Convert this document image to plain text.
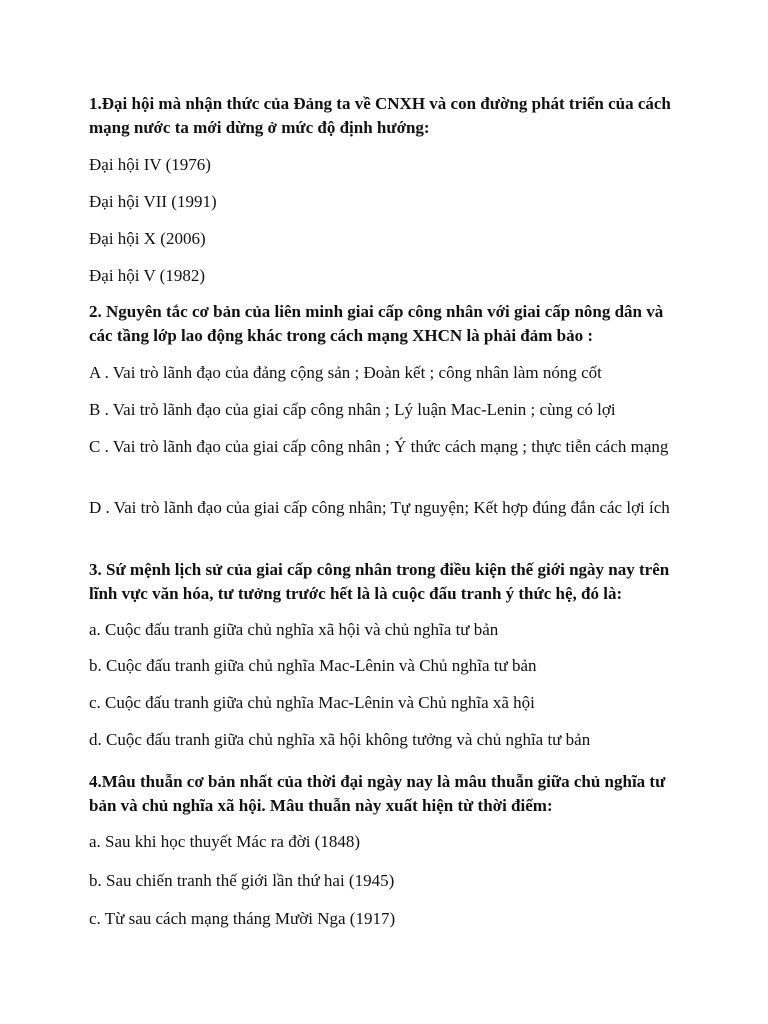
1.Đại hội mà nhận thức của Đảng ta về CNXH và con đường phát triển của cách mạng nước ta mới dừng ở mức độ định hướng:

Đại hội IV (1976)

Đại hội VII (1991)

Đại hội X (2006)

Đại hội V (1982)

2. Nguyên tắc cơ bản của liên minh giai cấp công nhân với giai cấp nông dân và các tầng lớp lao động khác trong cách mạng XHCN là phải đảm bảo :

A . Vai trò lãnh đạo của đảng cộng sản ; Đoàn kết ; công nhân làm nóng cốt

B . Vai trò lãnh đạo của giai cấp công nhân ; Lý luận Mac-Lenin ; cùng có lợi

C . Vai trò lãnh đạo của giai cấp công nhân ; Ý thức cách mạng ; thực tiễn cách mạng

D . Vai trò lãnh đạo của giai cấp công nhân; Tự nguyện; Kết hợp đúng đắn các lợi ích

3. Sứ mệnh lịch sử của giai cấp công nhân trong điều kiện thế giới ngày nay trên lĩnh vực văn hóa, tư tưởng trước hết là là cuộc đấu tranh ý thức hệ, đó là:

a. Cuộc đấu tranh giữa chủ nghĩa xã hội và chủ nghĩa tư bản

b. Cuộc đấu tranh giữa chủ nghĩa Mac-Lênin và Chủ nghĩa tư bản

c. Cuộc đấu tranh giữa chủ nghĩa Mac-Lênin và Chủ nghĩa xã hội

d. Cuộc đấu tranh giữa chủ nghĩa xã hội không tưởng và chủ nghĩa tư bản

4.Mâu thuẫn cơ bản nhất của thời đại ngày nay là mâu thuẫn giữa chủ nghĩa tư bản và chủ nghĩa xã hội. Mâu thuẫn này xuất hiện từ thời điểm:

a. Sau khi học thuyết Mác ra đời (1848)

b. Sau chiến tranh thế giới lần thứ hai (1945)

c. Từ sau cách mạng tháng Mười Nga (1917)
